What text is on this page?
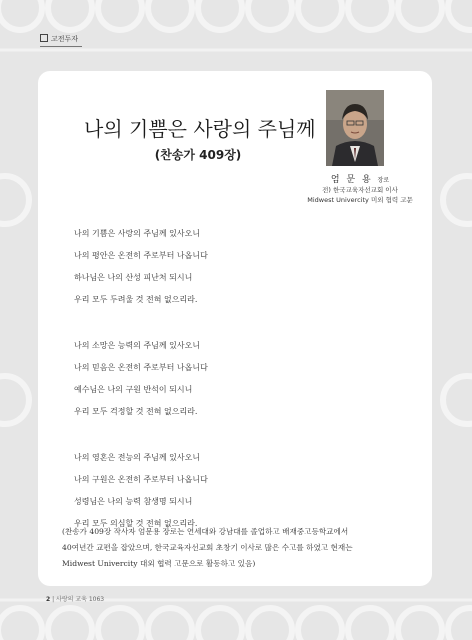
고전두자
나의 기쁨은 사랑의 주님께
(찬송가 409장)
엄 문 용 장로
전) 한국교육자선교회 이사
Midwest Univercity 미외 협력 고문
나의 기쁨은 사랑의 주님께 있사오니
나의 평안은 온전히 주로부터 나옵니다
하나님은 나의 산성 피난처 되시니
우리 모두 두려울 것 전혀 없으리라.
나의 소망은 능력의 주님께 있사오니
나의 믿음은 온전히 주로부터 나옵니다
예수님은 나의 구원 반석이 되시니
우리 모두 걱정할 것 전혀 없으리라.
나의 영혼은 전능의 주님께 있사오니
나의 구원은 온전히 주로부터 나옵니다
성령님은 나의 능력 참생명 되시니
우리 모두 의심할 것 전혀 없으리라.
(찬송가 409장 작사자 엄문용 장로는 연세대와 강남대를 졸업하고 배재중고등학교에서
40여년간 교편을 잡았으며, 한국교육자선교회 초창기 이사로 많은 수고를 하였고 현재는
Midwest Univercity 대외 협력 고문으로 활동하고 있음)
2 | 사랑의 교육 1063
